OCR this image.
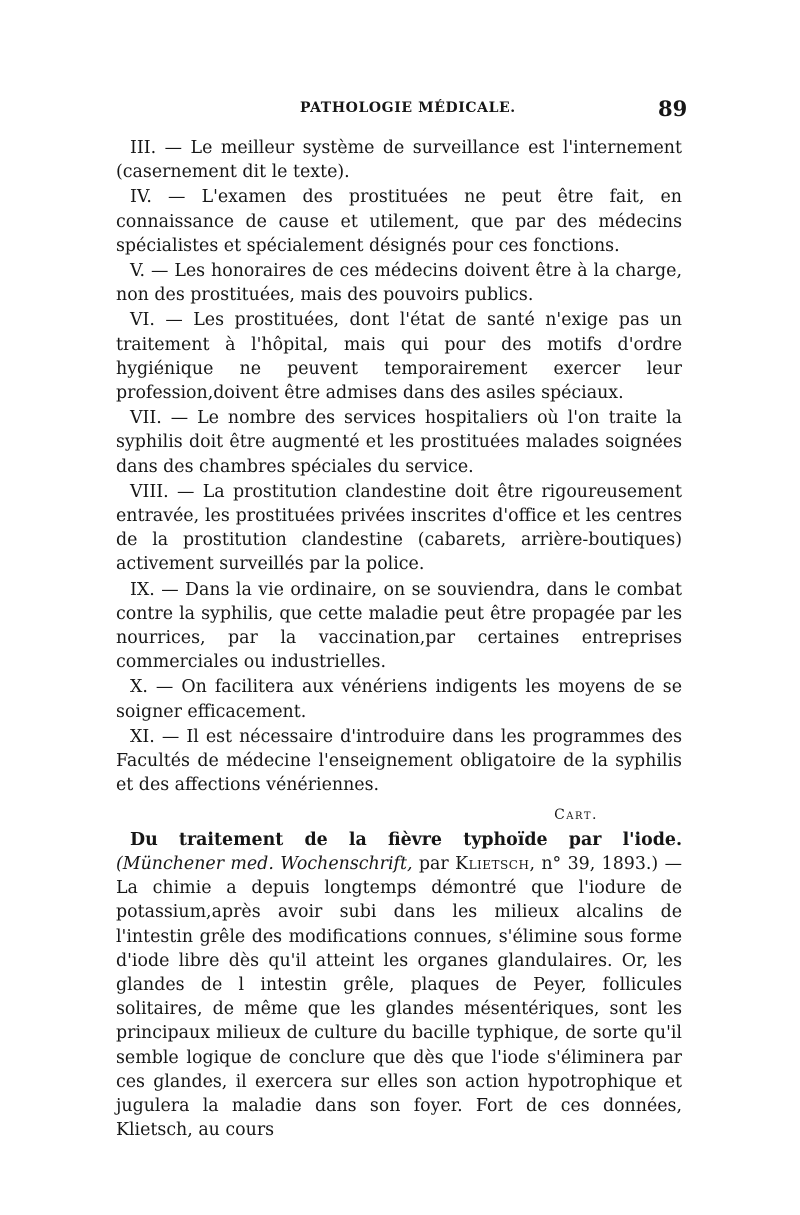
PATHOLOGIE MÉDICALE.	89

III. — Le meilleur système de surveillance est l'internement (casernement dit le texte).

IV. — L'examen des prostituées ne peut être fait, en connaissance de cause et utilement, que par des médecins spécialistes et spécialement désignés pour ces fonctions.

V. — Les honoraires de ces médecins doivent être à la charge, non des prostituées, mais des pouvoirs publics.

VI. — Les prostituées, dont l'état de santé n'exige pas un traitement à l'hôpital, mais qui pour des motifs d'ordre hygiénique ne peuvent temporairement exercer leur profession,doivent être admises dans des asiles spéciaux.

VII. — Le nombre des services hospitaliers où l'on traite la syphilis doit être augmenté et les prostituées malades soignées dans des chambres spéciales du service.

VIII. — La prostitution clandestine doit être rigoureusement entravée, les prostituées privées inscrites d'office et les centres de la prostitution clandestine (cabarets, arrière-boutiques) activement surveillés par la police.

IX. — Dans la vie ordinaire, on se souviendra, dans le combat contre la syphilis, que cette maladie peut être propagée par les nourrices, par la vaccination,par certaines entreprises commerciales ou industrielles.

X. — On facilitera aux vénériens indigents les moyens de se soigner efficacement.

XI. — Il est nécessaire d'introduire dans les programmes des Facultés de médecine l'enseignement obligatoire de la syphilis et des affections vénériennes.

Cart.

Du traitement de la fièvre typhoïde par l'iode. (Münchener med. Wochenschrift, par Klietsch, n° 39, 1893.) — La chimie a depuis longtemps démontré que l'iodure de potassium,après avoir subi dans les milieux alcalins de l'intestin grêle des modifications connues, s'élimine sous forme d'iode libre dès qu'il atteint les organes glandulaires. Or, les glandes de l intestin grêle, plaques de Peyer, follicules solitaires, de même que les glandes mésentériques, sont les principaux milieux de culture du bacille typhique, de sorte qu'il semble logique de conclure que dès que l'iode s'éliminera par ces glandes, il exercera sur elles son action hypotrophique et jugulera la maladie dans son foyer. Fort de ces données, Klietsch, au cours
